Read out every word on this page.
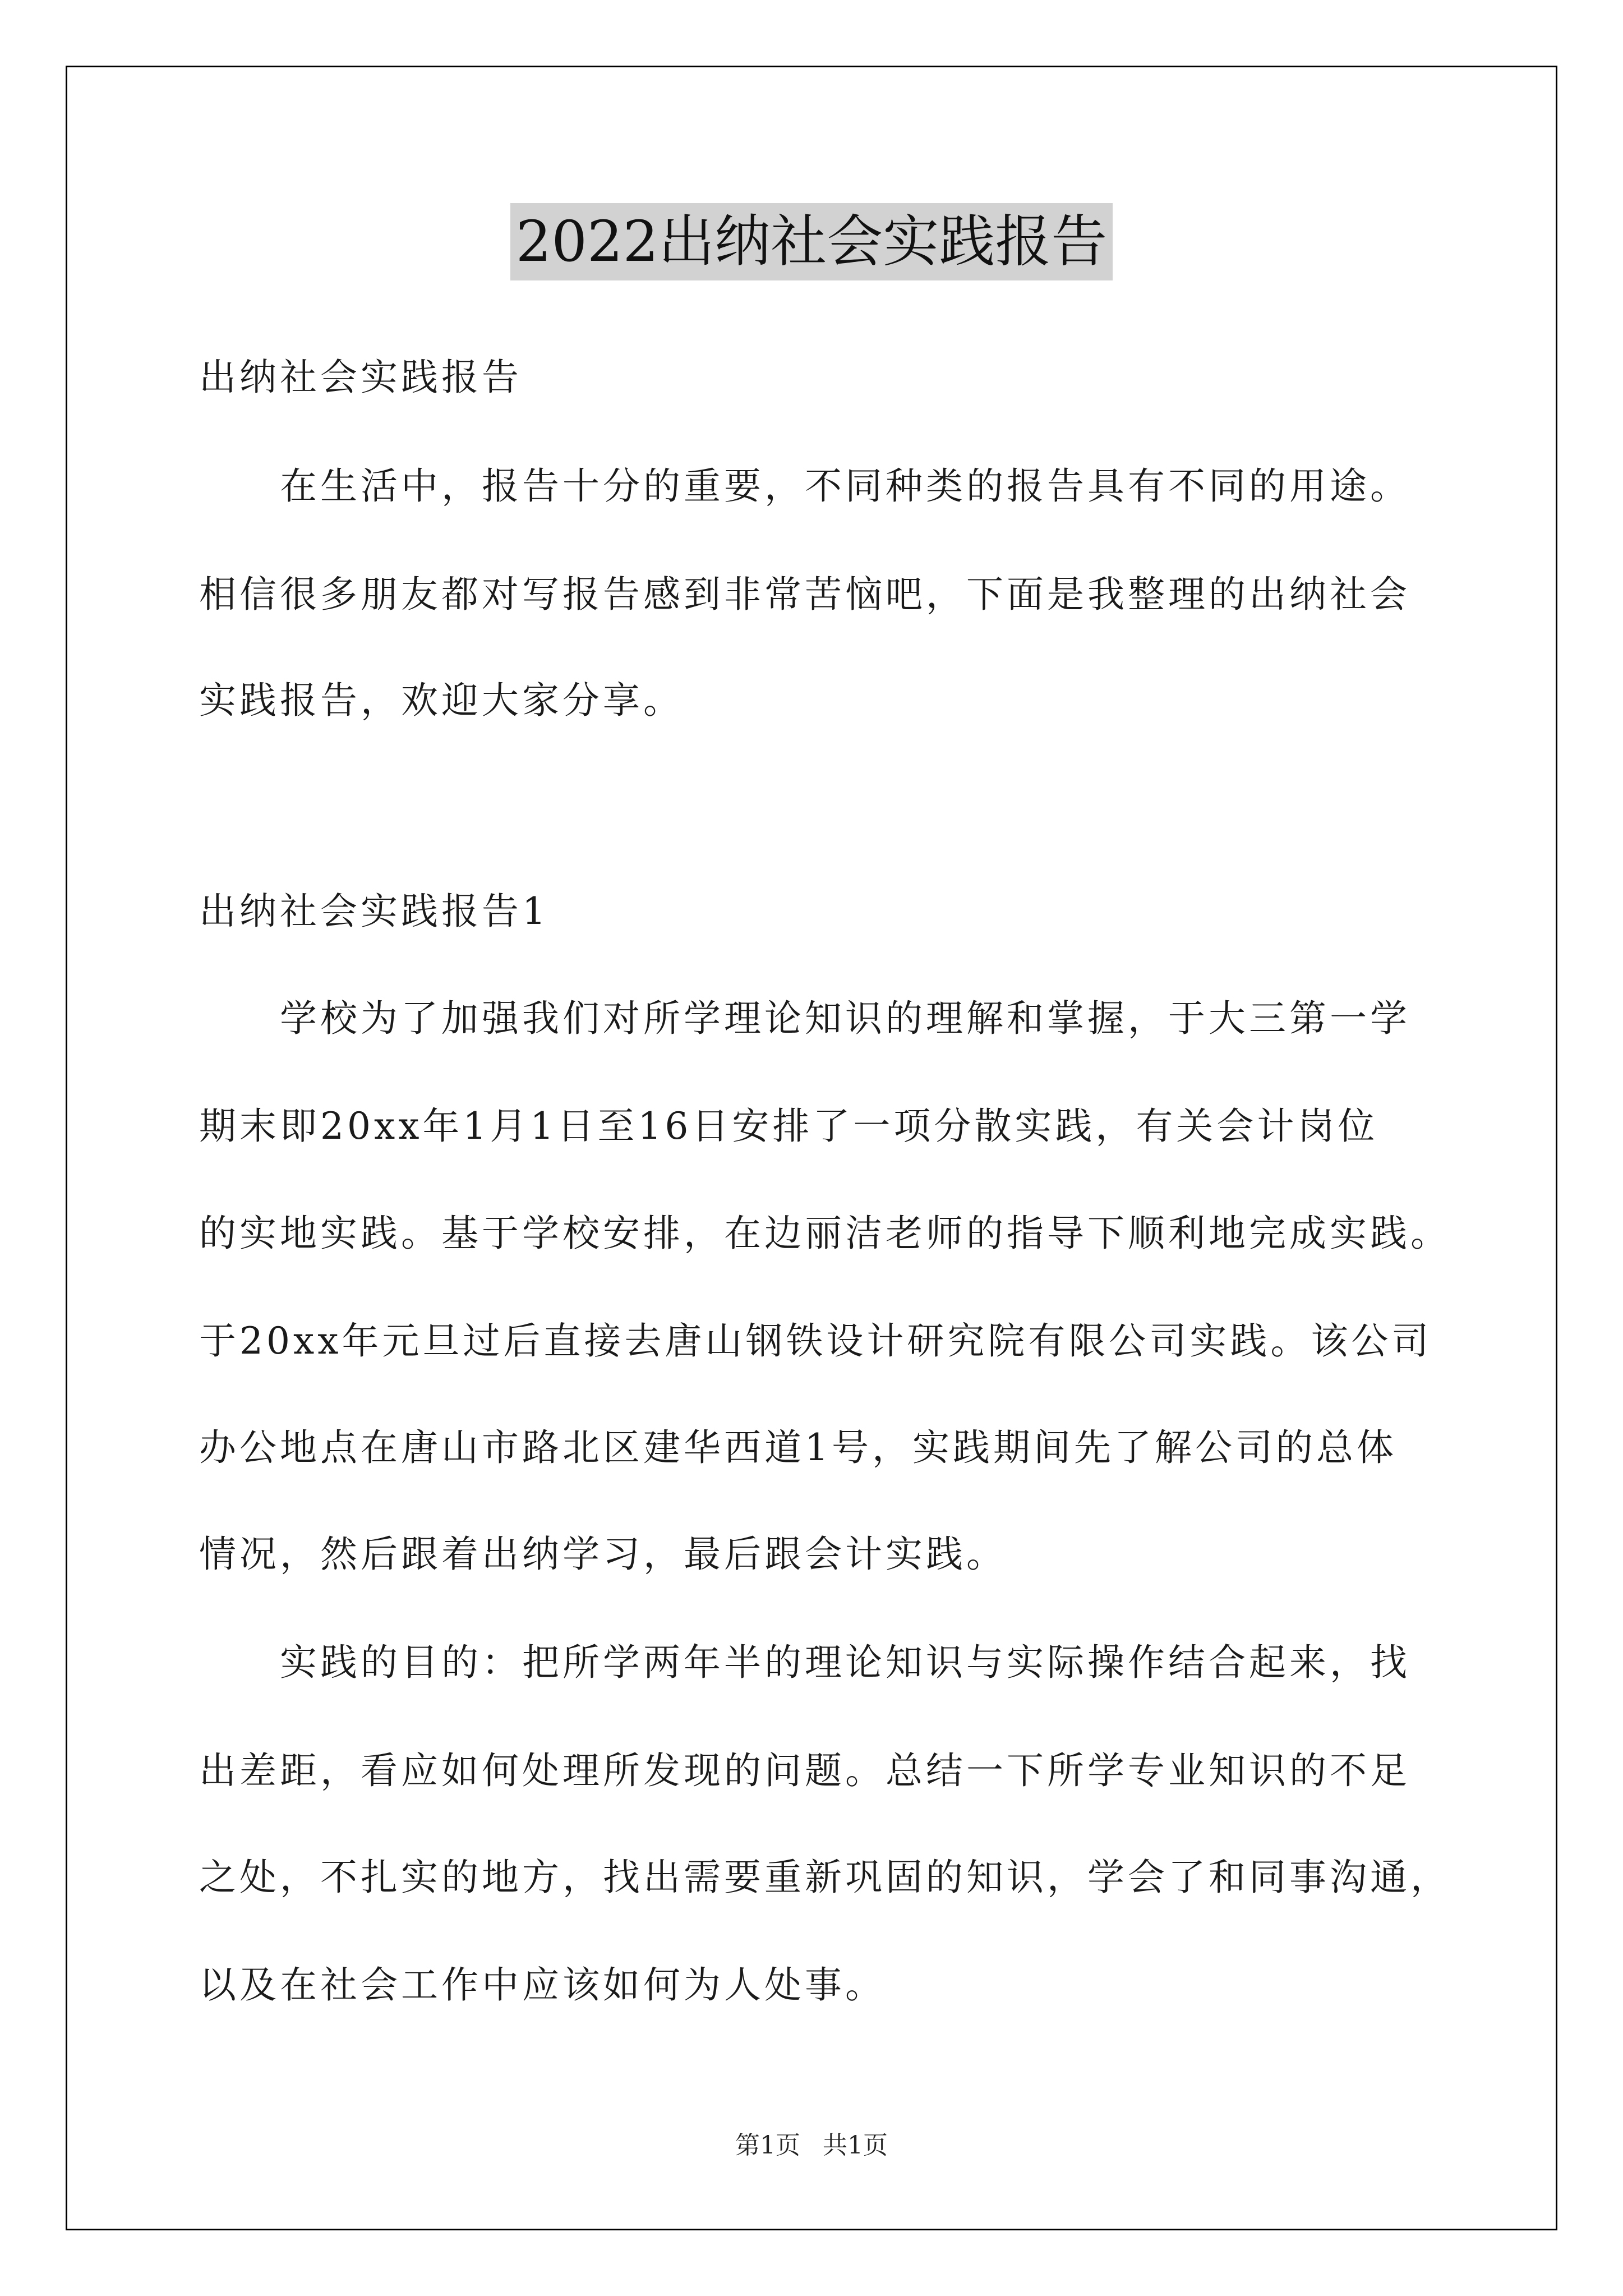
2022出纳社会实践报告
出纳社会实践报告
在生活中，报告十分的重要，不同种类的报告具有不同的用途。
相信很多朋友都对写报告感到非常苦恼吧，下面是我整理的出纳社会
实践报告，欢迎大家分享。
出纳社会实践报告1
学校为了加强我们对所学理论知识的理解和掌握，于大三第一学
期末即20xx年1月1日至16日安排了一项分散实践，有关会计岗位
的实地实践。基于学校安排，在边丽洁老师的指导下顺利地完成实践。
于20xx年元旦过后直接去唐山钢铁设计研究院有限公司实践。该公司
办公地点在唐山市路北区建华西道1号，实践期间先了解公司的总体
情况，然后跟着出纳学习，最后跟会计实践。
实践的目的：把所学两年半的理论知识与实际操作结合起来，找
出差距，看应如何处理所发现的问题。总结一下所学专业知识的不足
之处，不扎实的地方，找出需要重新巩固的知识，学会了和同事沟通，
以及在社会工作中应该如何为人处事。
第1页 共1页
